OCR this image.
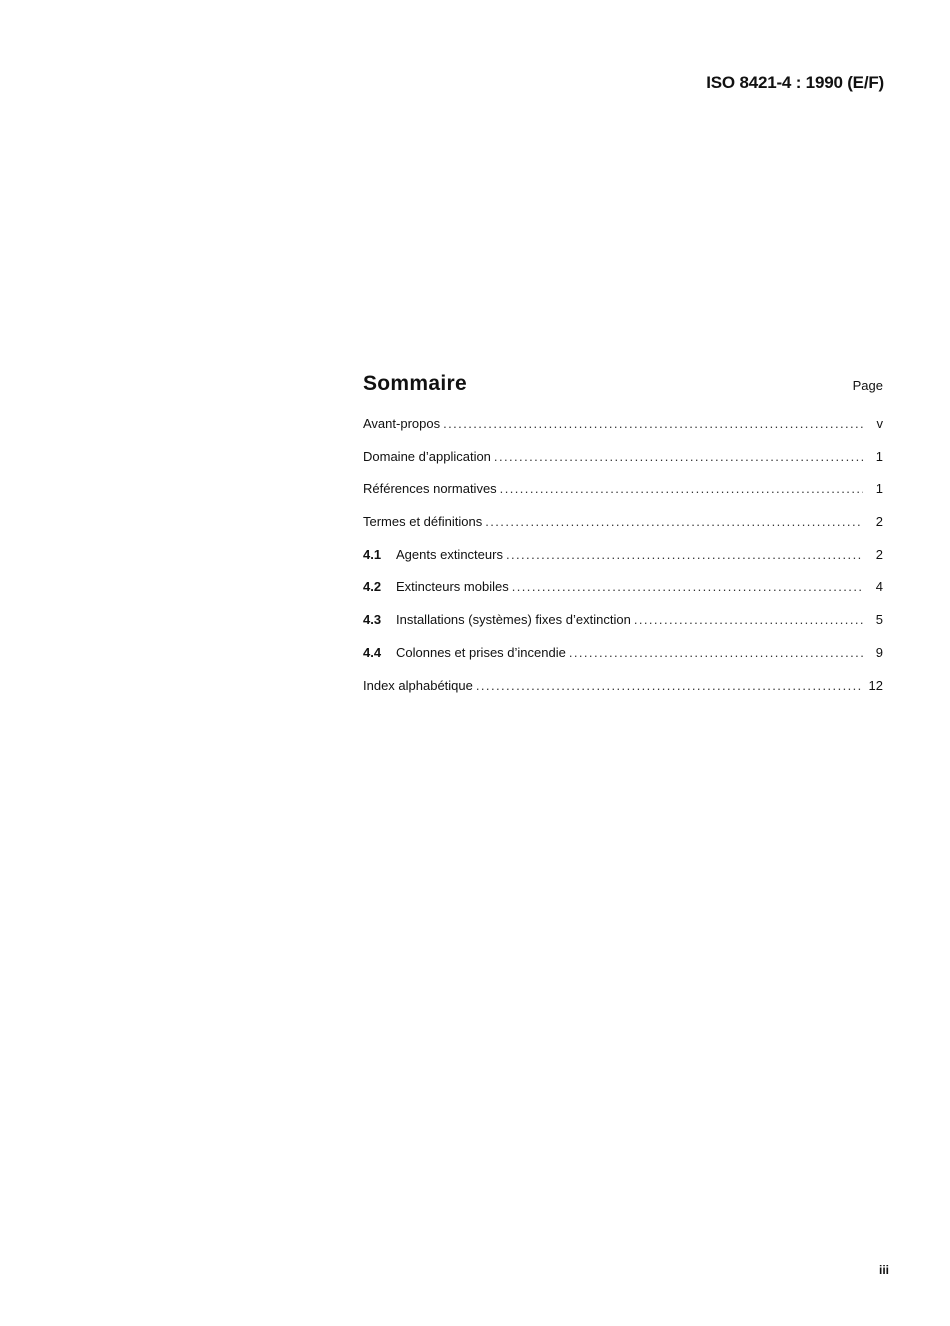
ISO 8421-4 : 1990 (E/F)
Sommaire	Page
Avant-propos . . .	v
Domaine d’application . . .	1
Références normatives . . .	1
Termes et définitions . . .	2
4.1	Agents extincteurs . . .	2
4.2	Extincteurs mobiles . . .	4
4.3	Installations (systèmes) fixes d’extinction . . .	5
4.4	Colonnes et prises d’incendie . . .	9
Index alphabétique . . .	12
iii
